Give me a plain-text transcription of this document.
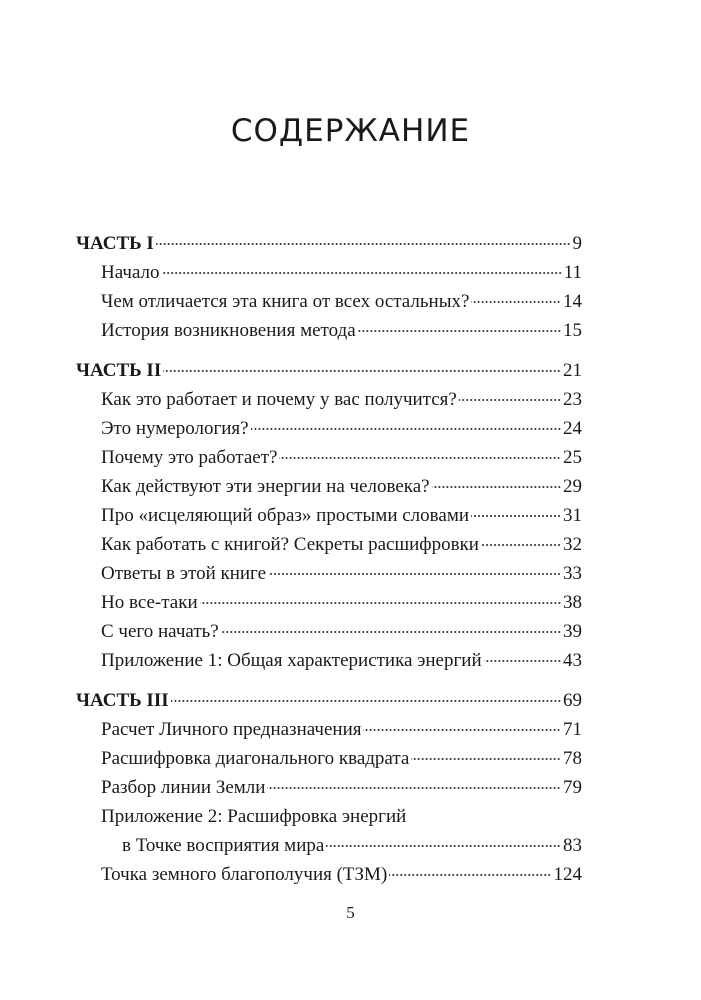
СОДЕРЖАНИЕ
ЧАСТЬ I	9
Начало	11
Чем отличается эта книга от всех остальных?	14
История возникновения метода	15
ЧАСТЬ II	21
Как это работает и почему у вас получится?	23
Это нумерология?	24
Почему это работает?	25
Как действуют эти энергии на человека?	29
Про «исцеляющий образ» простыми словами	31
Как работать с книгой? Секреты расшифровки	32
Ответы в этой книге	33
Но все-таки	38
С чего начать?	39
Приложение 1: Общая характеристика энергий	43
ЧАСТЬ III	69
Расчет Личного предназначения	71
Расшифровка диагонального квадрата	78
Разбор линии Земли	79
Приложение 2: Расшифровка энергий
в Точке восприятия мира	83
Точка земного благополучия (ТЗМ)	124
5
